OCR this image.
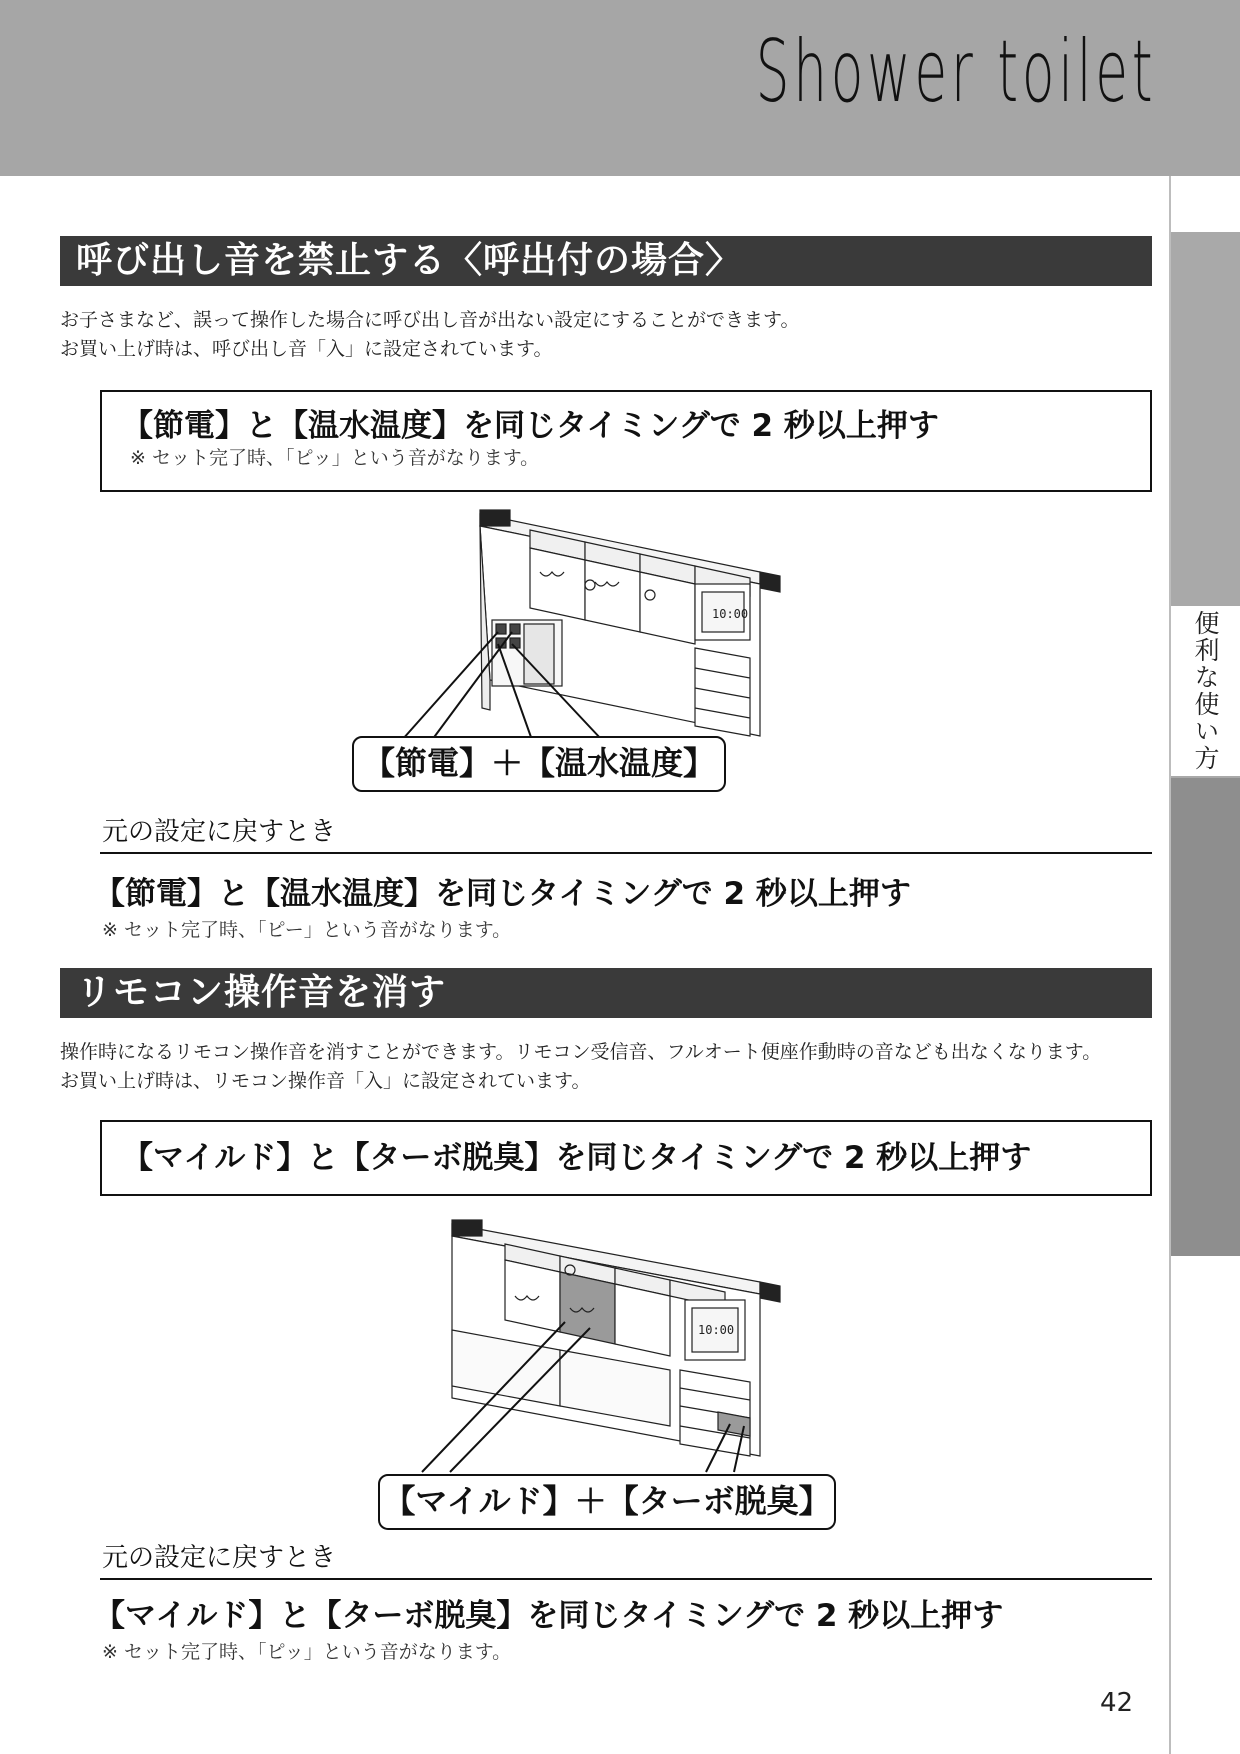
Shower toilet
便利な使い方
呼び出し音を禁止する〈呼出付の場合〉
お子さまなど、誤って操作した場合に呼び出し音が出ない設定にすることができます。
お買い上げ時は、呼び出し音「入」に設定されています。
【節電】と【温水温度】を同じタイミングで 2 秒以上押す
※ セット完了時、「ピッ」という音がなります。
10:00
【節電】＋【温水温度】
元の設定に戻すとき
【節電】と【温水温度】を同じタイミングで 2 秒以上押す
※ セット完了時、「ピー」という音がなります。
リモコン操作音を消す
操作時になるリモコン操作音を消すことができます。リモコン受信音、フルオート便座作動時の音なども出なくなります。
お買い上げ時は、リモコン操作音「入」に設定されています。
【マイルド】と【ターボ脱臭】を同じタイミングで 2 秒以上押す
10:00
【マイルド】＋【ターボ脱臭】
元の設定に戻すとき
【マイルド】と【ターボ脱臭】を同じタイミングで 2 秒以上押す
※ セット完了時、「ピッ」という音がなります。
42
